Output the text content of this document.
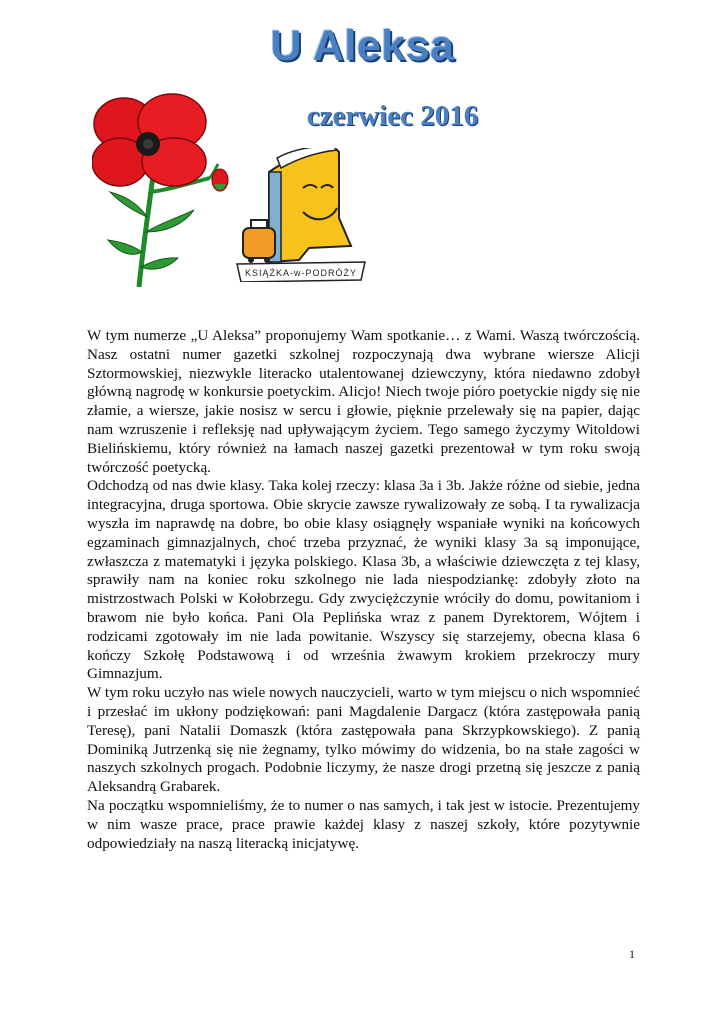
U Aleksa
czerwiec 2016
KSIĄŻKA-w-PODRÓŻY

W tym numerze „U Aleksa” proponujemy Wam spotkanie… z Wami. Waszą twórczością. Nasz ostatni numer gazetki szkolnej rozpoczynają dwa wybrane wiersze Alicji Sztormowskiej, niezwykle literacko utalentowanej dziewczyny, która niedawno zdobył główną nagrodę w konkursie poetyckim. Alicjo! Niech twoje pióro poetyckie nigdy się nie złamie, a wiersze, jakie nosisz w sercu i głowie, pięknie przelewały się na papier, dając nam wzruszenie i refleksję nad upływającym życiem. Tego samego życzymy Witoldowi Bielińskiemu, który również na łamach naszej gazetki prezentował w tym roku swoją twórczość poetycką.

Odchodzą od nas dwie klasy. Taka kolej rzeczy: klasa 3a i 3b. Jakże różne od siebie, jedna integracyjna, druga sportowa. Obie skrycie zawsze rywalizowały ze sobą. I ta rywalizacja wyszła im naprawdę na dobre, bo obie klasy osiągnęły wspaniałe wyniki na końcowych egzaminach gimnazjalnych, choć trzeba przyznać, że wyniki klasy 3a są imponujące, zwłaszcza z matematyki i języka polskiego. Klasa 3b, a właściwie dziewczęta z tej klasy, sprawiły nam na koniec roku szkolnego nie lada niespodziankę: zdobyły złoto na mistrzostwach Polski w Kołobrzegu. Gdy zwyciężczynie wróciły do domu, powitaniom i brawom nie było końca. Pani Ola Peplińska wraz z panem Dyrektorem, Wójtem i rodzicami zgotowały im nie lada powitanie. Wszyscy się starzejemy, obecna klasa 6 kończy Szkołę Podstawową i od września żwawym krokiem przekroczy mury Gimnazjum.

W tym roku uczyło nas wiele nowych nauczycieli, warto w tym miejscu o nich wspomnieć i przesłać im ukłony podziękowań: pani Magdalenie Dargacz (która zastępowała panią Teresę), pani Natalii Domaszk (która zastępowała pana Skrzypkowskiego). Z panią Dominiką Jutrzenką się nie żegnamy, tylko mówimy do widzenia, bo na stałe zagości w naszych szkolnych progach. Podobnie liczymy, że nasze drogi przetną się jeszcze z panią Aleksandrą Grabarek.

Na początku wspomnieliśmy, że to numer o nas samych, i tak jest w istocie. Prezentujemy w nim wasze prace, prace prawie każdej klasy z naszej szkoły, które pozytywnie odpowiedziały na naszą literacką inicjatywę.

1
